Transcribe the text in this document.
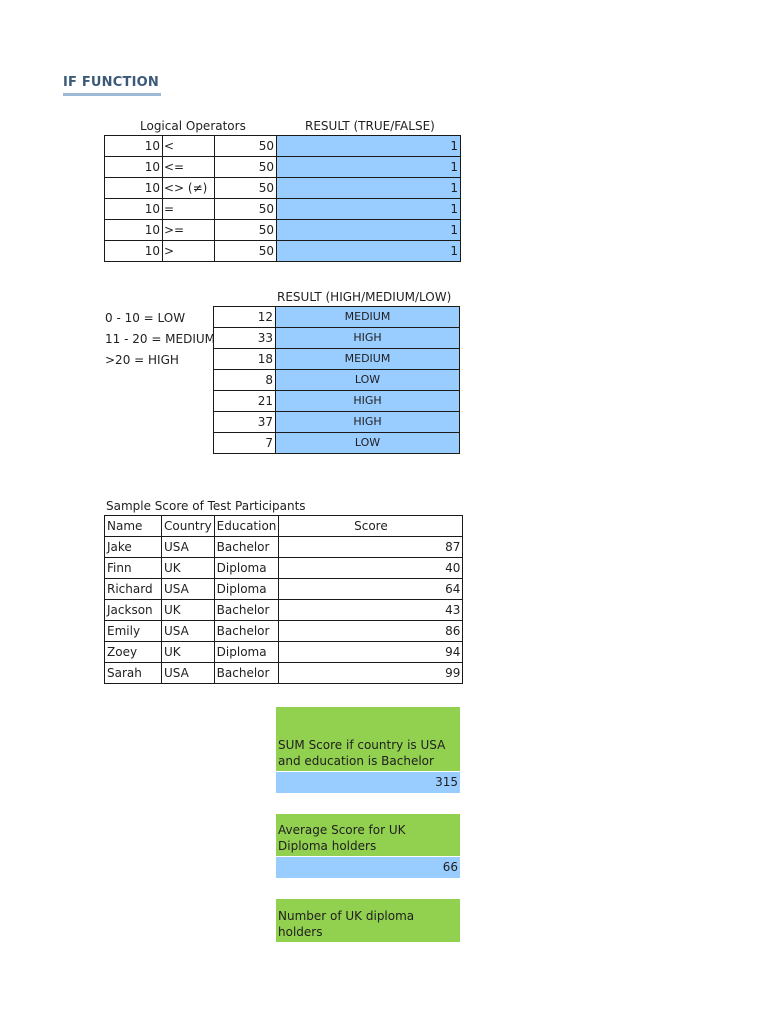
IF FUNCTION
Logical Operators	RESULT (TRUE/FALSE)
10	<	50	1
10	<=	50	1
10	<> (≠)	50	1
10	=	50	1
10	>=	50	1
10	>	50	1
RESULT (HIGH/MEDIUM/LOW)
0 - 10 = LOW
11 - 20 = MEDIUM
>20 = HIGH
12	MEDIUM
33	HIGH
18	MEDIUM
8	LOW
21	HIGH
37	HIGH
7	LOW
Sample Score of Test Participants
Name	Country	Education	Score
Jake	USA	Bachelor	87
Finn	UK	Diploma	40
Richard	USA	Diploma	64
Jackson	UK	Bachelor	43
Emily	USA	Bachelor	86
Zoey	UK	Diploma	94
Sarah	USA	Bachelor	99
SUM Score if country is USA
and education is Bachelor
315
Average Score for UK
Diploma holders
66
Number of UK diploma
holders
